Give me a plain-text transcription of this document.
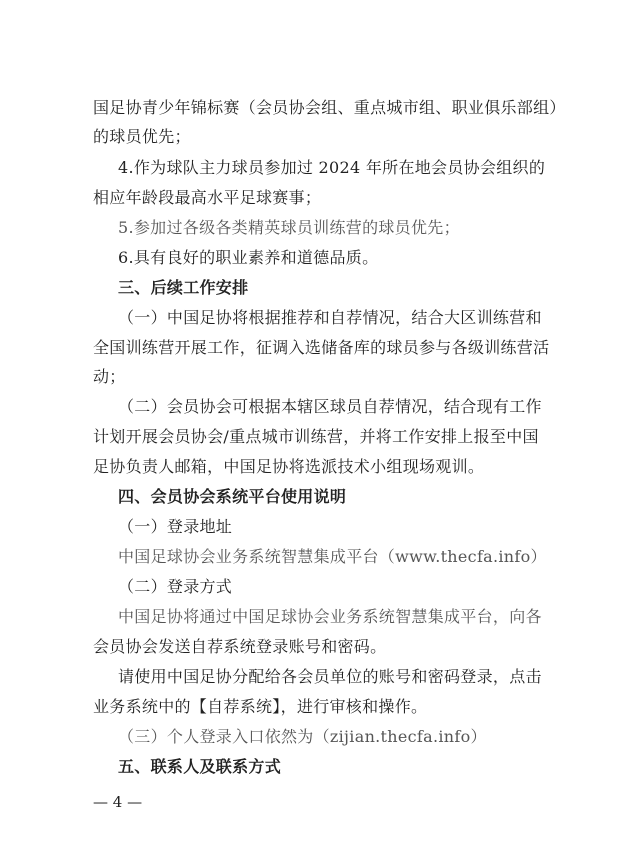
国足协青少年锦标赛（会员协会组、重点城市组、职业俱乐部组）
的球员优先；
4.作为球队主力球员参加过 2024 年所在地会员协会组织的
相应年龄段最高水平足球赛事；
5.参加过各级各类精英球员训练营的球员优先；
6.具有良好的职业素养和道德品质。
三、后续工作安排
（一）中国足协将根据推荐和自荐情况，结合大区训练营和
全国训练营开展工作，征调入选储备库的球员参与各级训练营活
动；
（二）会员协会可根据本辖区球员自荐情况，结合现有工作
计划开展会员协会/重点城市训练营，并将工作安排上报至中国
足协负责人邮箱，中国足协将选派技术小组现场观训。
四、会员协会系统平台使用说明
（一）登录地址
中国足球协会业务系统智慧集成平台（www.thecfa.info）
（二）登录方式
中国足协将通过中国足球协会业务系统智慧集成平台，向各
会员协会发送自荐系统登录账号和密码。
请使用中国足协分配给各会员单位的账号和密码登录，点击
业务系统中的【自荐系统】，进行审核和操作。
（三）个人登录入口依然为（zijian.thecfa.info）
五、联系人及联系方式
— 4 —
